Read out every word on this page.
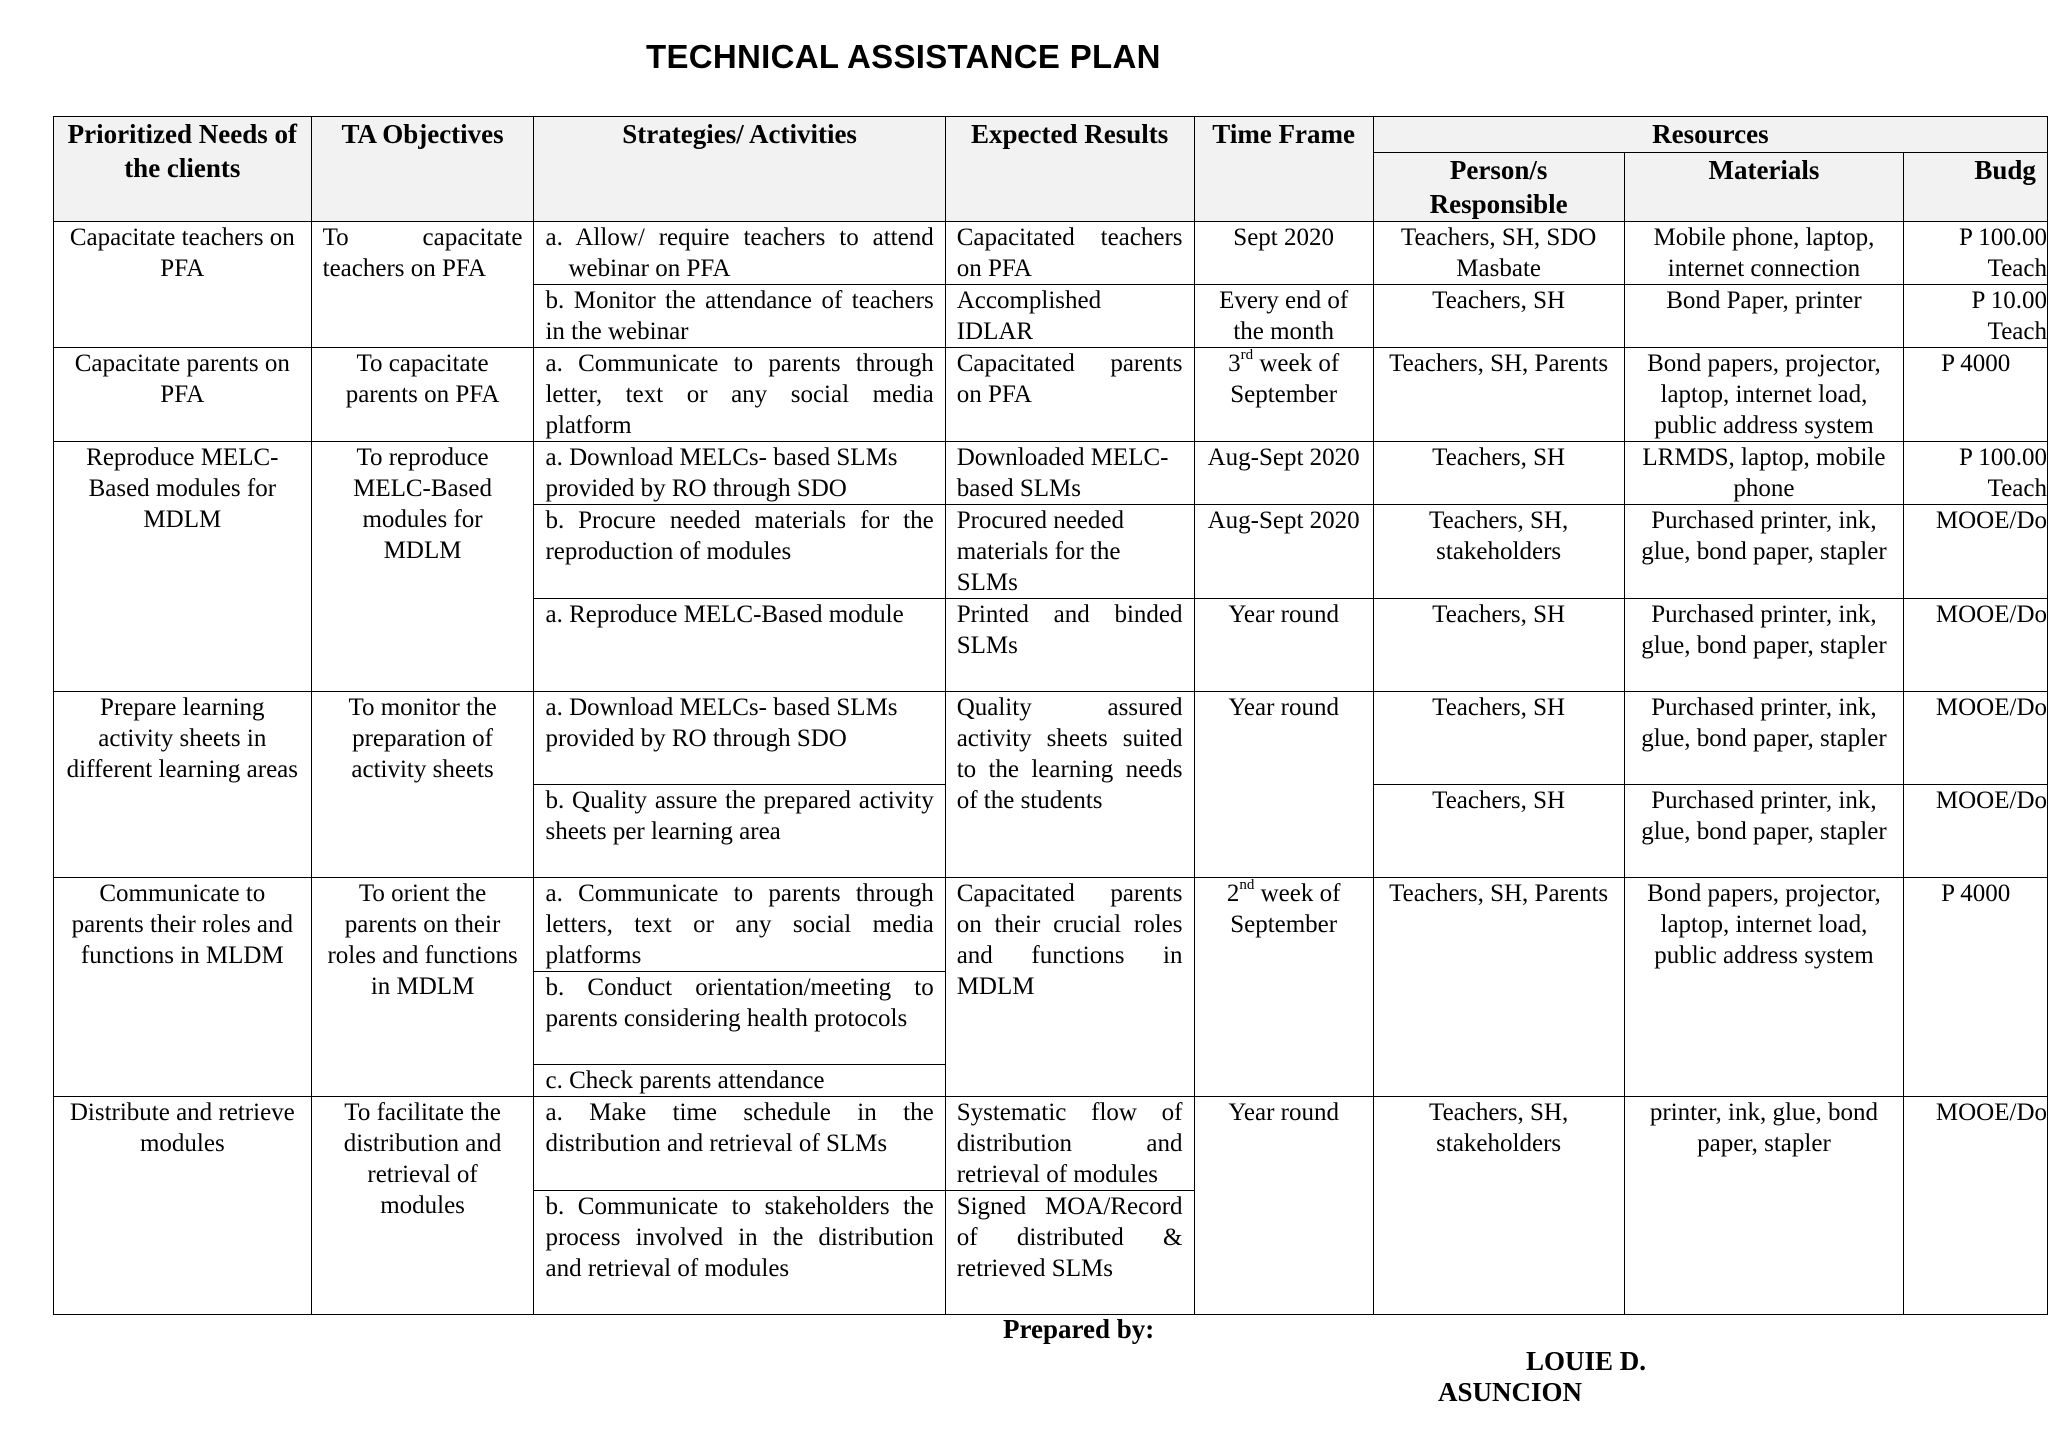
TECHNICAL ASSISTANCE PLAN
Prioritized Needs of the clients	TA Objectives	Strategies/ Activities	Expected Results	Time Frame	Resources		
					Person/s Responsible	Materials	Budg
Capacitate teachers on PFA	To capacitate teachers on PFA	a. Allow/ require teachers to attend webinar on PFA	Capacitated teachers on PFA	Sept 2020	Teachers, SH, SDO Masbate	Mobile phone, laptop, internet connection	P 100.00 Teach
		b. Monitor the attendance of teachers in the webinar	Accomplished IDLAR	Every end of the month	Teachers, SH	Bond Paper, printer	P 10.00 Teach
Capacitate parents on PFA	To capacitate parents on PFA	a. Communicate to parents through letter, text or any social media platform	Capacitated parents on PFA	3rd week of September	Teachers, SH, Parents	Bond papers, projector, laptop, internet load, public address system	P 4000
Reproduce MELC-Based modules for MDLM	To reproduce MELC-Based modules for MDLM	a. Download MELCs- based SLMs provided by RO through SDO	Downloaded MELC-based SLMs	Aug-Sept 2020	Teachers, SH	LRMDS, laptop, mobile phone	P 100.00 Teach
		b. Procure needed materials for the reproduction of modules	Procured needed materials for the SLMs	Aug-Sept 2020	Teachers, SH, stakeholders	Purchased printer, ink, glue, bond paper, stapler	MOOE/Do
		a. Reproduce MELC-Based module	Printed and binded SLMs	Year round	Teachers, SH	Purchased printer, ink, glue, bond paper, stapler	MOOE/Do
Prepare learning activity sheets in different learning areas	To monitor the preparation of activity sheets	a. Download MELCs- based SLMs provided by RO through SDO	Quality assured activity sheets suited to the learning needs of the students	Year round	Teachers, SH	Purchased printer, ink, glue, bond paper, stapler	MOOE/Do
		b. Quality assure the prepared activity sheets per learning area			Teachers, SH	Purchased printer, ink, glue, bond paper, stapler	MOOE/Do
Communicate to parents their roles and functions in MLDM	To orient the parents on their roles and functions in MDLM	a. Communicate to parents through letters, text or any social media platforms	Capacitated parents on their crucial roles and functions in MDLM	2nd week of September	Teachers, SH, Parents	Bond papers, projector, laptop, internet load, public address system	P 4000
		b. Conduct orientation/meeting to parents considering health protocols					
		c. Check parents attendance					
Distribute and retrieve modules	To facilitate the distribution and retrieval of modules	a. Make time schedule in the distribution and retrieval of SLMs	Systematic flow of distribution and retrieval of modules	Year round	Teachers, SH, stakeholders	printer, ink, glue, bond paper, stapler	MOOE/Do
		b. Communicate to stakeholders the process involved in the distribution and retrieval of modules	Signed MOA/Record of distributed & retrieved SLMs				
Prepared by:
LOUIE D.
ASUNCION
